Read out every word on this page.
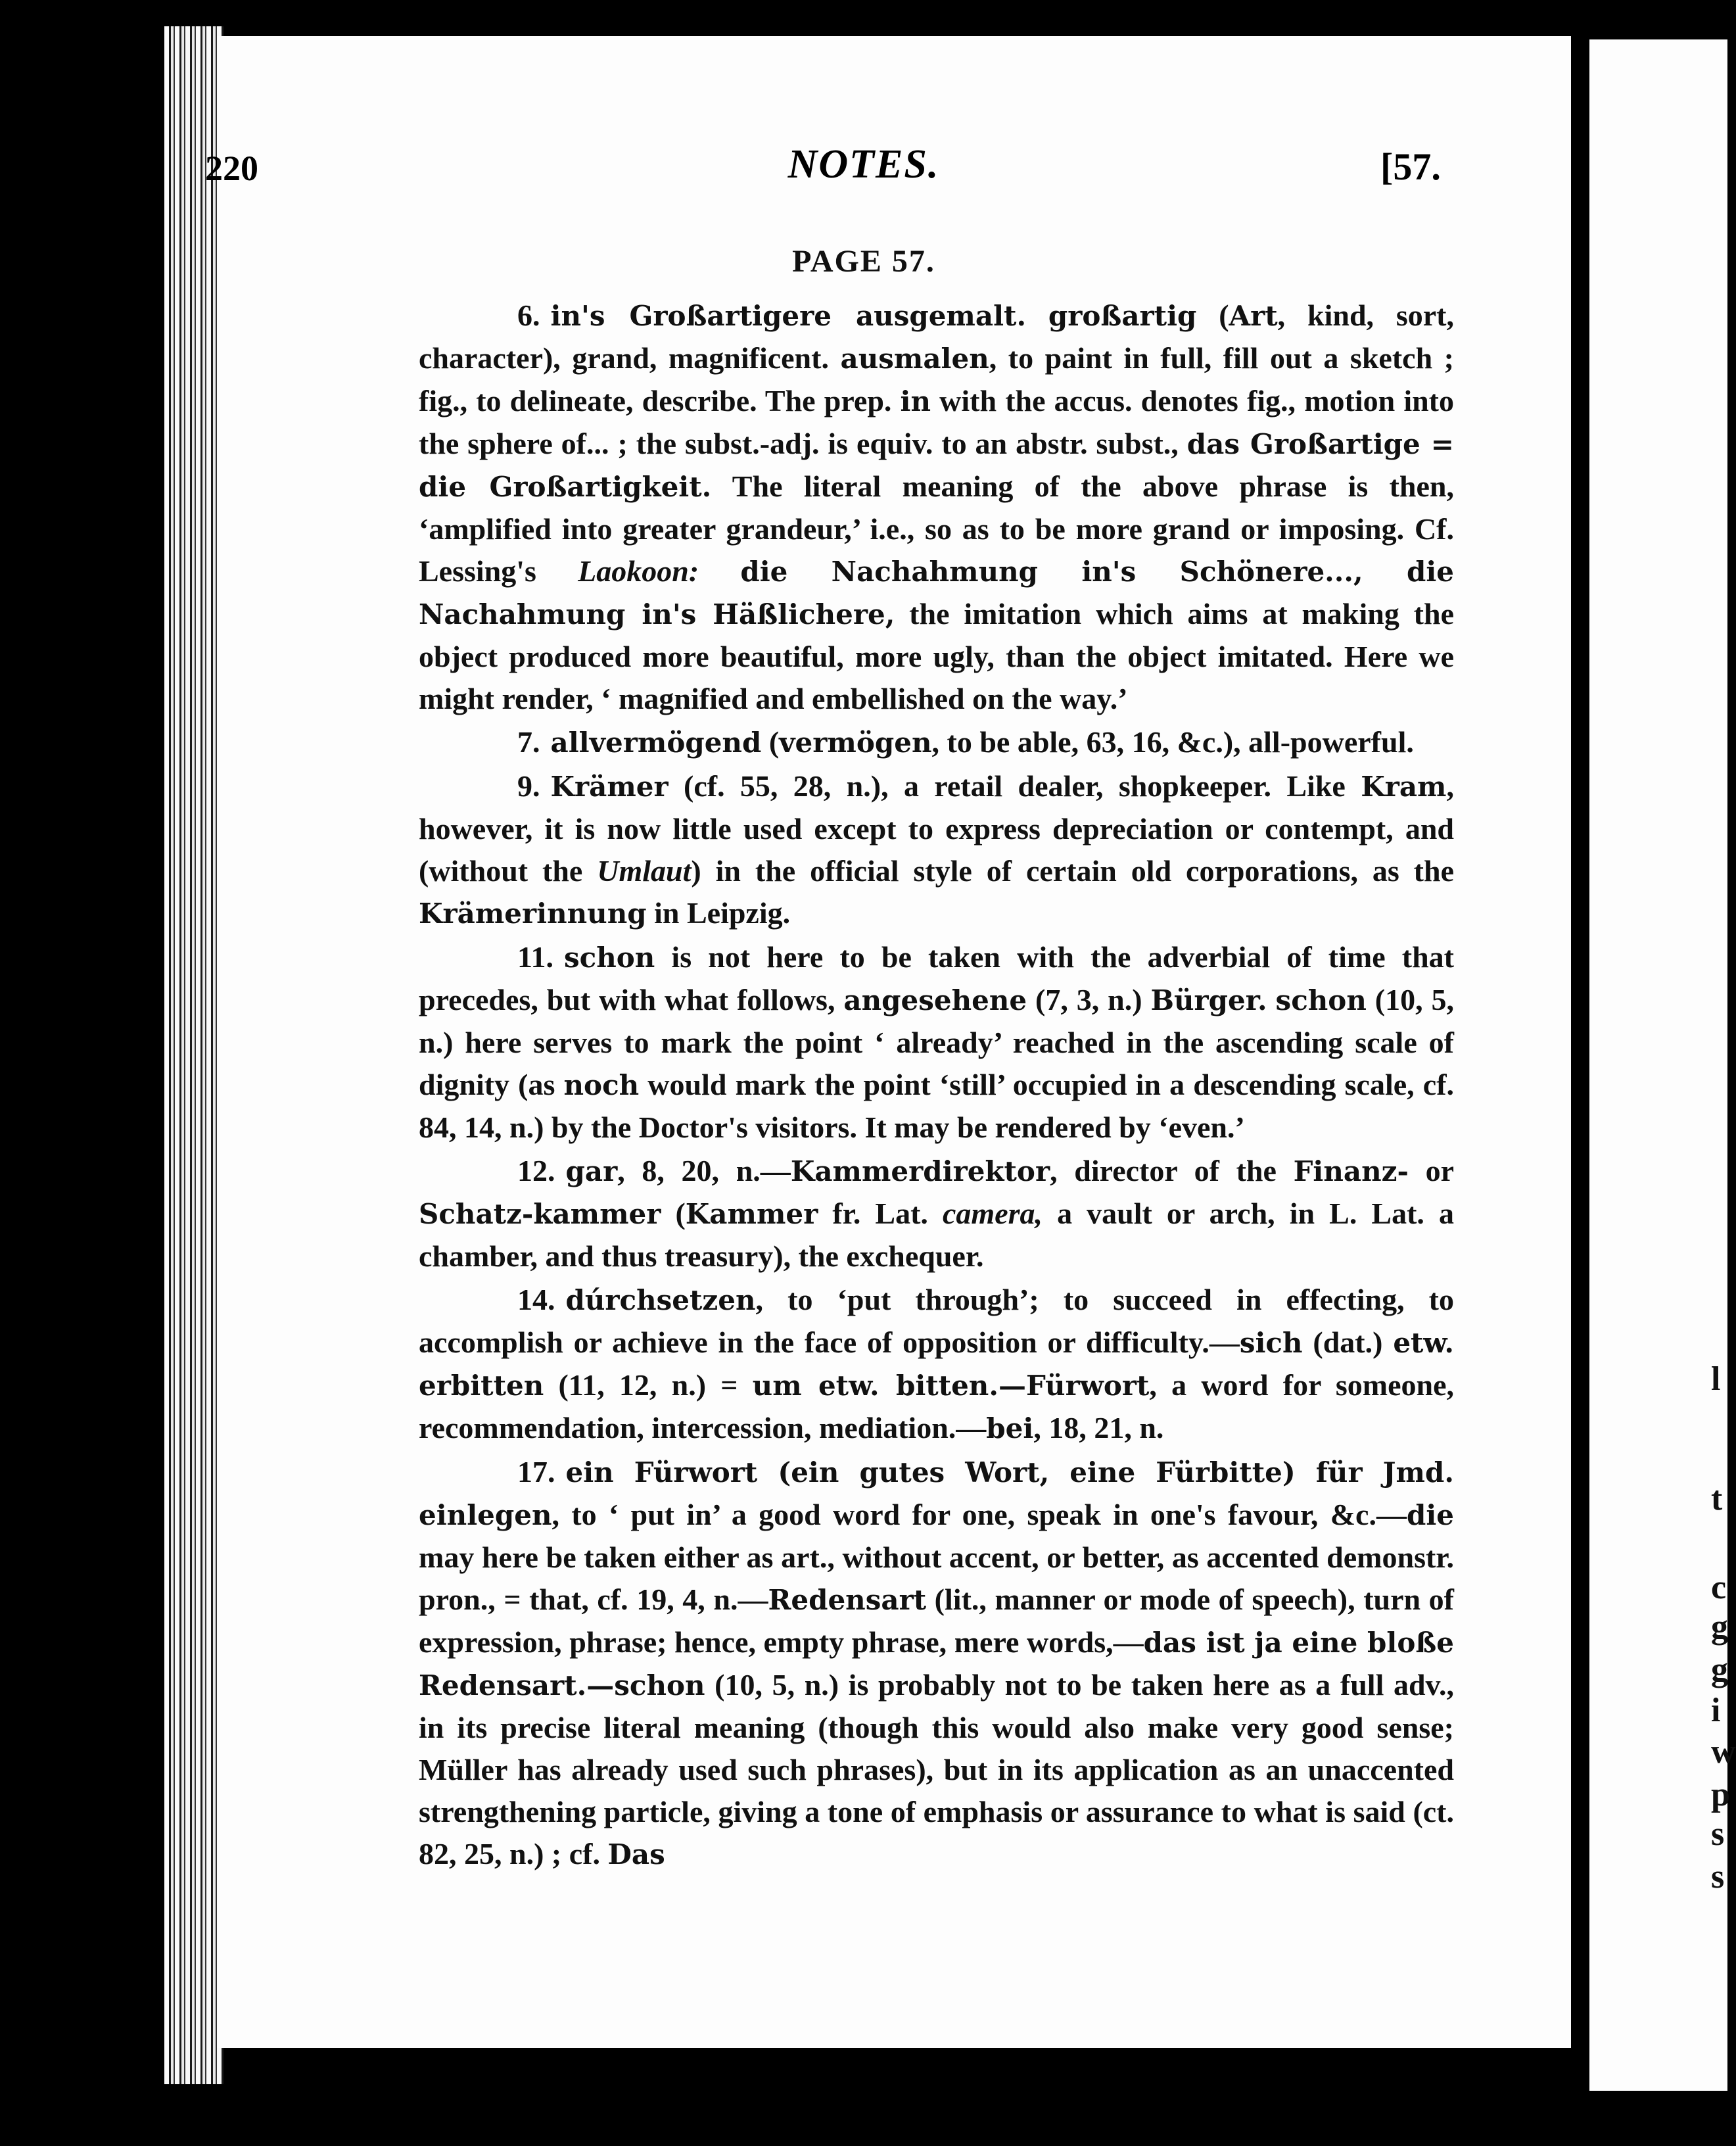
l
t
c
g
g
i
w
p
s
s
220	NOTES.	[57.
PAGE 57.

6. in's Großartigere ausgemalt. großartig (Art, kind, sort, character), grand, magnificent. ausmalen, to paint in full, fill out a sketch ; fig., to delineate, describe. The prep. in with the accus. denotes fig., motion into the sphere of... ; the subst.-adj. is equiv. to an abstr. subst., das Großartige = die Großartigkeit. The literal meaning of the above phrase is then, ‘amplified into greater grandeur,’ i.e., so as to be more grand or imposing. Cf. Lessing's Laokoon: die Nachahmung in's Schönere..., die Nachahmung in's Häßlichere, the imitation which aims at making the object produced more beautiful, more ugly, than the object imitated. Here we might render, ‘ magnified and embellished on the way.’

7. allvermögend (vermögen, to be able, 63, 16, &c.), all-powerful.

9. Krämer (cf. 55, 28, n.), a retail dealer, shopkeeper. Like Kram, however, it is now little used except to express depreciation or contempt, and (without the Umlaut) in the official style of certain old corporations, as the Krämerinnung in Leipzig.

11. schon is not here to be taken with the adverbial of time that precedes, but with what follows, angesehene (7, 3, n.) Bürger. schon (10, 5, n.) here serves to mark the point ‘ already’ reached in the ascending scale of dignity (as noch would mark the point ‘still’ occupied in a descending scale, cf. 84, 14, n.) by the Doctor's visitors. It may be rendered by ‘even.’

12. gar, 8, 20, n.—Kammerdirektor, director of the Finanz- or Schatz-kammer (Kammer fr. Lat. camera, a vault or arch, in L. Lat. a chamber, and thus treasury), the exchequer.

14. dúrchsetzen, to ‘put through’; to succeed in effecting, to accomplish or achieve in the face of opposition or difficulty.—sich (dat.) etw. erbitten (11, 12, n.) = um etw. bitten.—Fürwort, a word for someone, recommendation, intercession, mediation.—bei, 18, 21, n.

17. ein Fürwort (ein gutes Wort, eine Fürbitte) für Jmd. einlegen, to ‘ put in’ a good word for one, speak in one's favour, &c.—die may here be taken either as art., without accent, or better, as accented demonstr. pron., = that, cf. 19, 4, n.—Redensart (lit., manner or mode of speech), turn of expression, phrase; hence, empty phrase, mere words,—das ist ja eine bloße Redensart.—schon (10, 5, n.) is probably not to be taken here as a full adv., in its precise literal meaning (though this would also make very good sense; Müller has already used such phrases), but in its application as an unaccented strengthening particle, giving a tone of emphasis or assurance to what is said (ct. 82, 25, n.) ; cf. Das
